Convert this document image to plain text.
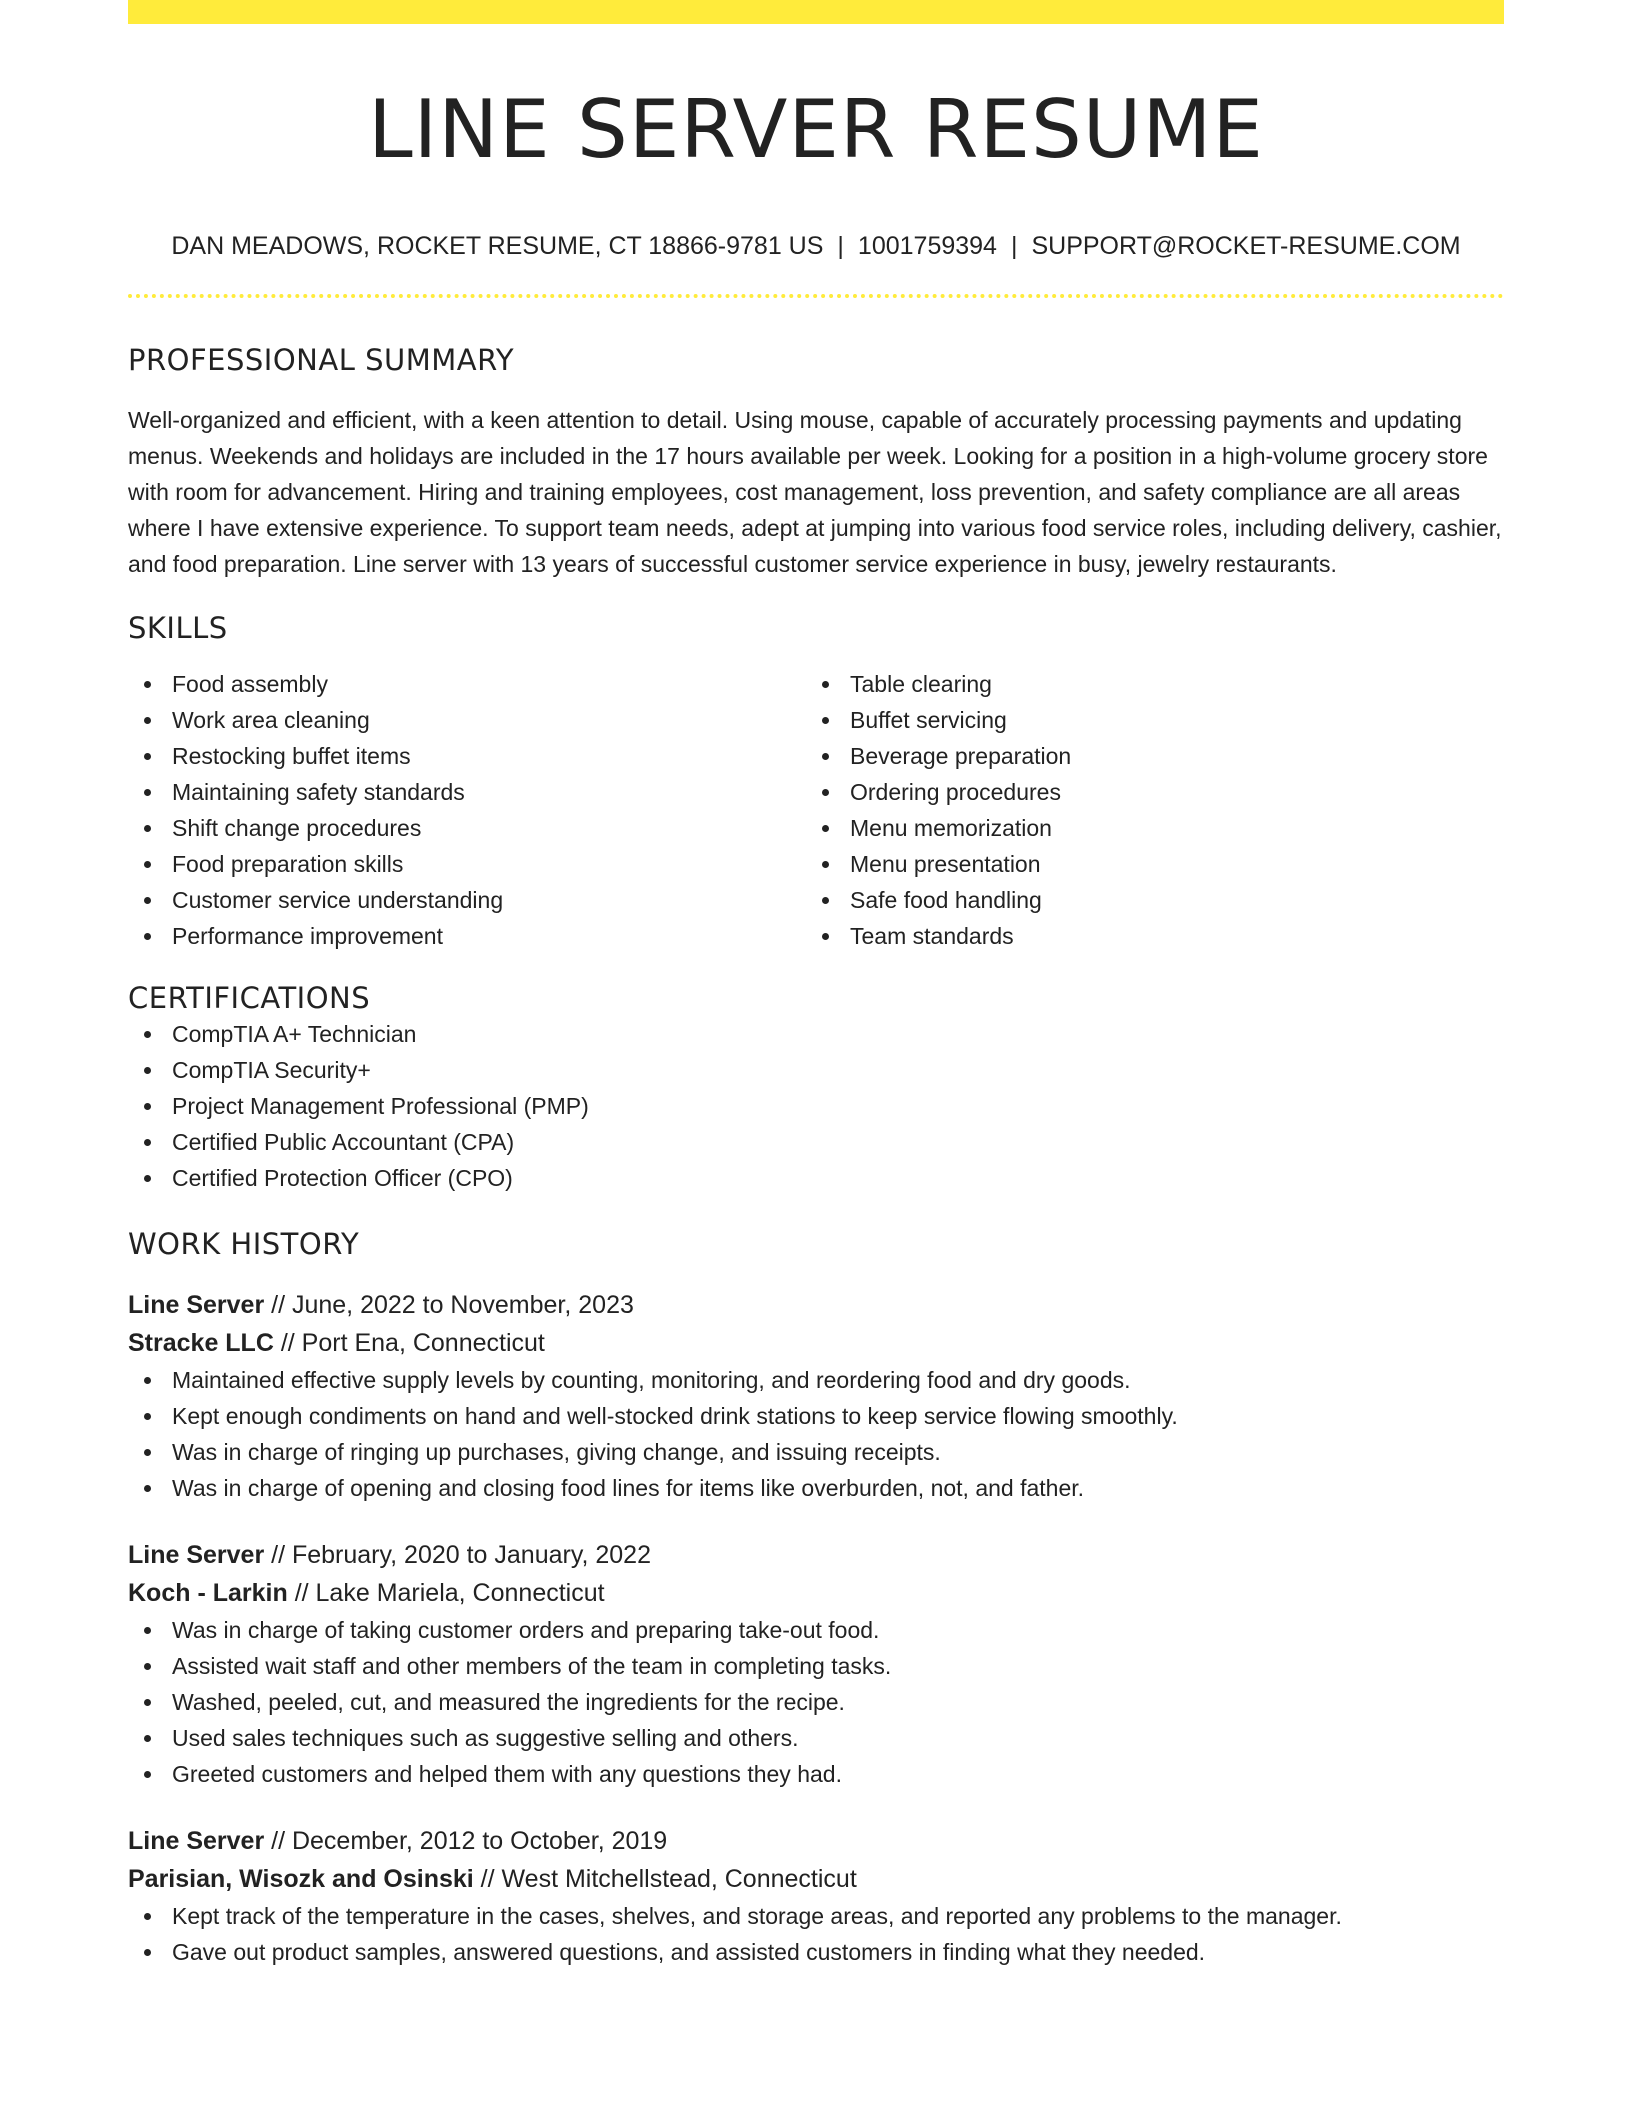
LINE SERVER RESUME
DAN MEADOWS, ROCKET RESUME, CT 18866-9781 US | 1001759394 | SUPPORT@ROCKET-RESUME.COM
PROFESSIONAL SUMMARY

Well-organized and efficient, with a keen attention to detail. Using mouse, capable of accurately processing payments and updating menus. Weekends and holidays are included in the 17 hours available per week. Looking for a position in a high-volume grocery store with room for advancement. Hiring and training employees, cost management, loss prevention, and safety compliance are all areas where I have extensive experience. To support team needs, adept at jumping into various food service roles, including delivery, cashier, and food preparation. Line server with 13 years of successful customer service experience in busy, jewelry restaurants.

SKILLS
Food assembly
Work area cleaning
Restocking buffet items
Maintaining safety standards
Shift change procedures
Food preparation skills
Customer service understanding
Performance improvement
Table clearing
Buffet servicing
Beverage preparation
Ordering procedures
Menu memorization
Menu presentation
Safe food handling
Team standards
CERTIFICATIONS
CompTIA A+ Technician
CompTIA Security+
Project Management Professional (PMP)
Certified Public Accountant (CPA)
Certified Protection Officer (CPO)
WORK HISTORY
Line Server // June, 2022 to November, 2023
Stracke LLC // Port Ena, Connecticut
Maintained effective supply levels by counting, monitoring, and reordering food and dry goods.
Kept enough condiments on hand and well-stocked drink stations to keep service flowing smoothly.
Was in charge of ringing up purchases, giving change, and issuing receipts.
Was in charge of opening and closing food lines for items like overburden, not, and father.
Line Server // February, 2020 to January, 2022
Koch - Larkin // Lake Mariela, Connecticut
Was in charge of taking customer orders and preparing take-out food.
Assisted wait staff and other members of the team in completing tasks.
Washed, peeled, cut, and measured the ingredients for the recipe.
Used sales techniques such as suggestive selling and others.
Greeted customers and helped them with any questions they had.
Line Server // December, 2012 to October, 2019
Parisian, Wisozk and Osinski // West Mitchellstead, Connecticut
Kept track of the temperature in the cases, shelves, and storage areas, and reported any problems to the manager.
Gave out product samples, answered questions, and assisted customers in finding what they needed.
